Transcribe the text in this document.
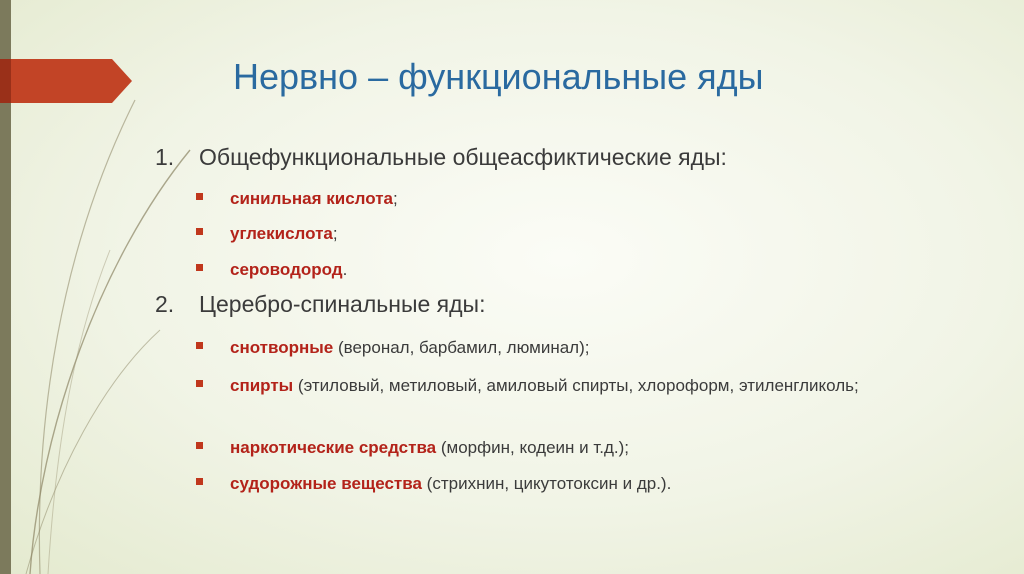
Нервно – функциональные яды
1. Общефункциональные общеасфиктические яды:
синильная кислота;
углекислота;
сероводород.
2. Церебро-спинальные яды:
снотворные (веронал, барбамил, люминал);
спирты (этиловый, метиловый, амиловый спирты, хлороформ, этиленгликоль;
наркотические средства (морфин, кодеин и т.д.);
судорожные вещества (стрихнин, цикутотоксин и др.).
